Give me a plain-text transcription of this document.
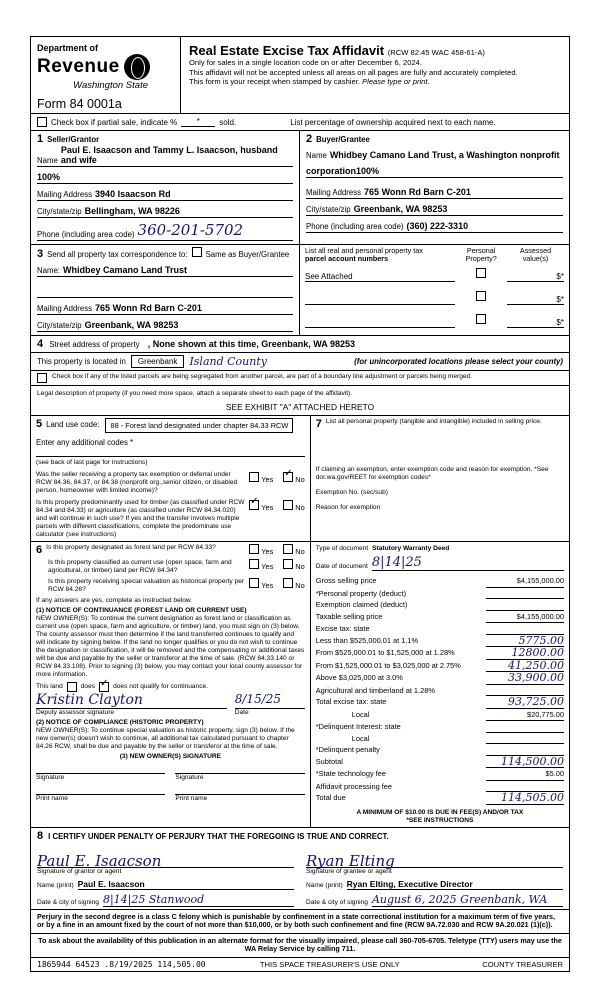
Department of
Revenue
Washington State
Form 84 0001a
Real Estate Excise Tax Affidavit (RCW 82.45 WAC 458-61-A)
Only for sales in a single location code on or after December 6, 2024.
This affidavit will not be accepted unless all areas on all pages are fully and accurately completed.
This form is your receipt when stamped by cashier. Please type or print.
Check box if partial sale, indicate %	*	sold.	List percentage of ownership acquired next to each name.
1 Seller/Grantor
Name
Paul E. Isaacson and Tammy L. Isaacson, husband and wife
100%
Mailing Address 3940 Isaacson Rd
City/state/zip Bellingham, WA 98226
Phone (including area code) 360-201-5702
2 Buyer/Grantee
Name Whidbey Camano Land Trust, a Washington nonprofit
corporation100%
Mailing Address 765 Wonn Rd Barn C-201
City/state/zip Greenbank, WA 98253
Phone (including area code) (360) 222-3310
3 Send all property tax correspondence to: Same as Buyer/Grantee
Name: Whidbey Camano Land Trust
Mailing Address 765 Wonn Rd Barn C-201
City/state/zip Greenbank, WA 98253
List all real and personal property tax
parcel account numbers
Personal
Property?
Assessed
value(s)
See Attached	$*
$*
$*
4 Street address of property , None shown at this time, Greenbank, WA 98253
This property is located in	Greenbank	Island County	(for unincorporated locations please select your county)
Check box if any of the listed parcels are being segregated from another parcel, are part of a boundary line adjustment or parcels being merged.
Legal description of property (if you need more space, attach a separate sheet to each page of the affidavit).
SEE EXHIBIT "A" ATTACHED HERETO
5 Land use code:	88 - Forest land designated under chapter 84.33 RCW
Enter any additional codes *
(see back of last page for instructions)
Was the seller receiving a property tax exemption or deferral under RCW 84.36, 84.37, or 84.38 (nonprofit org.,senior citizen, or disabled person, homeowner with limited income)?
Yes ✓	No
Is this property predominantly used for timber (as classified under RCW 84.34 and 84.33) or agriculture (as classified under RCW 84.34.020) and will continue in such use? If yes and the transfer involves multiple parcels with different classifications, complete the predominate use calculator (see instructions)
✓Yes	No
7 List all personal property (tangible and intangible) included in selling price.
If claiming an exemption, enter exemption code and reason for exemption. *See dor.wa.gov/REET for exemption codes*
Exemption No. (sec/sub)
Reason for exemption
6 Is this property designated as forest land per RCW 84.33?	Yes	No
Is this property classified as current use (open space, farm and agricultural, or timber) land per RCW 84.34?	Yes	No
Is this property receiving special valuation as historical property per RCW 84.26?	Yes	No
If any answers are yes, complete as instructed below.
(1) NOTICE OF CONTINUANCE (FOREST LAND OR CURRENT USE)
NEW OWNER(S): To continue the current designation as forest land or classification as current use (open space, farm and agriculture, or timber) land, you must sign on (3) below. The county assessor must then determine if the land transferred continues to qualify and will indicate by signing below. If the land no longer qualifies or you do not wish to continue the designation or classification, it will be removed and the compensating or additional taxes will be due and payable by the seller or transferor at the time of sale. (RCW 84.33.140 or RCW 84.33.108). Prior to signing (3) below, you may contact your local county assessor for more information.
This land	does ✓	does not qualify for continuance.
Kristin Clayton
Deputy assessor signature
8/15/25
Date
(2) NOTICE OF COMPLIANCE (HISTORIC PROPERTY)
NEW OWNER(S): To continue special valuation as historic property, sign (3) below. If the new owner(s) doesn't wish to continue, all additional tax calculated pursuant to chapter 84.26 RCW, shall be due and payable by the seller or transferor at the time of sale.
(3) NEW OWNER(S) SIGNATURE
Signature	Signature
Print name	Print name
Type of document Statutory Warranty Deed
Date of document 8|14|25
Gross selling price	$4,155,000.00
*Personal property (deduct)
Exemption claimed (deduct)
Taxable selling price	$4,155,000.00
Excise tax: state
Less than $525,000.01 at 1.1%	5775.00
From $525,000.01 to $1,525,000 at 1.28%	12800.00
From $1,525,000.01 to $3,025,000 at 2.75%	41,250.00
Above $3,025,000 at 3.0%	33,900.00
Agricultural and timberland at 1.28%
Total excise tax: state	93,725.00
Local	$20,775.00
*Delinquent Interest: state
Local
*Delinquent penalty
Subtotal	114,500.00
*State technology fee	$5.00
Affidavit processing fee
Total due	114,505.00
A MINIMUM OF $10.00 IS DUE IN FEE(S) AND/OR TAX
*SEE INSTRUCTIONS
8 I CERTIFY UNDER PENALTY OF PERJURY THAT THE FOREGOING IS TRUE AND CORRECT.
Paul E. Isaacson
Signature of grantor or agent
Ryan Elting
Signature of grantee or agent
Name (print) Paul E. Isaacson	Name (print) Ryan Elting, Executive Director
Date & city of signing 8|14|25 Stanwood	Date & city of signing August 6, 2025 Greenbank, WA
Perjury in the second degree is a class C felony which is punishable by confinement in a state correctional institution for a maximum term of five years, or by a fine in an amount fixed by the court of not more than $10,000, or by both such confinement and fine (RCW 9A.72.030 and RCW 9A.20.021 (1)(c)).
To ask about the availability of this publication in an alternate format for the visually impaired, please call 360-705-6705. Teletype (TTY) users may use the WA Relay Service by calling 711.
1865944 64523 .8/19/2025 114,505.00	THIS SPACE TREASURER'S USE ONLY	COUNTY TREASURER
